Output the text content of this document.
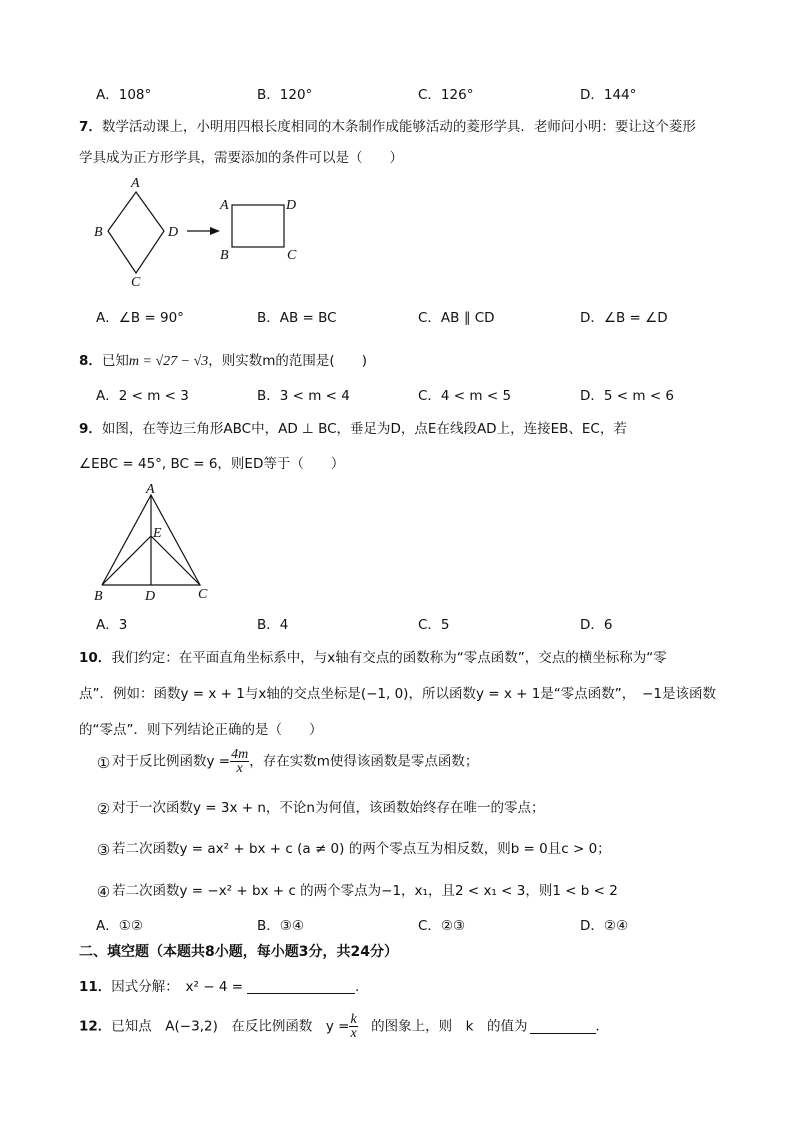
A．108°	B．120°	C．126°	D．144°
7．数学活动课上，小明用四根长度相同的木条制作成能够活动的菱形学具．老师问小明：要让这个菱形
学具成为正方形学具，需要添加的条件可以是（　　）
A
B	D
C
A	D
B	C
A．∠B = 90°	B．AB = BC	C．AB ∥ CD	D．∠B = ∠D
8．已知m = √27 − √3，则实数m的范围是(　　)
A．2 < m < 3	B．3 < m < 4	C．4 < m < 5	D．5 < m < 6
9．如图，在等边三角形ABC中，AD ⊥ BC，垂足为D，点E在线段AD上，连接EB、EC，若
∠EBC = 45°, BC = 6，则ED等于（　　）
A
E
B	D	C
A．3	B．4	C．5	D．6
10．我们约定：在平面直角坐标系中，与x轴有交点的函数称为“零点函数”，交点的横坐标称为“零
点”．例如：函数y = x + 1与x轴的交点坐标是(−1, 0)，所以函数y = x + 1是“零点函数”，　−1是该函数
的“零点”．则下列结论正确的是（　　）
① 对于反比例函数$y = \frac{4m}{x}$ ，存在实数m使得该函数是零点函数；
② 对于一次函数y = 3x + n，不论n为何值，该函数始终存在唯一的零点；
③ 若二次函数y = ax² + bx + c (a ≠ 0) 的两个零点互为相反数，则b = 0且c > 0；
④ 若二次函数y = −x² + bx + c 的两个零点为−1，x₁，且2 < x₁ < 3，则1 < b < 2
A．①②	B．③④	C．②③	D．②④
二、填空题（本题共8小题，每小题3分，共24分）
11．因式分解：　x² − 4 =	.
12．已知点　A(−3,2)　在反比例函数　$y = \frac{k}{x}$ 　的图象上，则　k　的值为	．
